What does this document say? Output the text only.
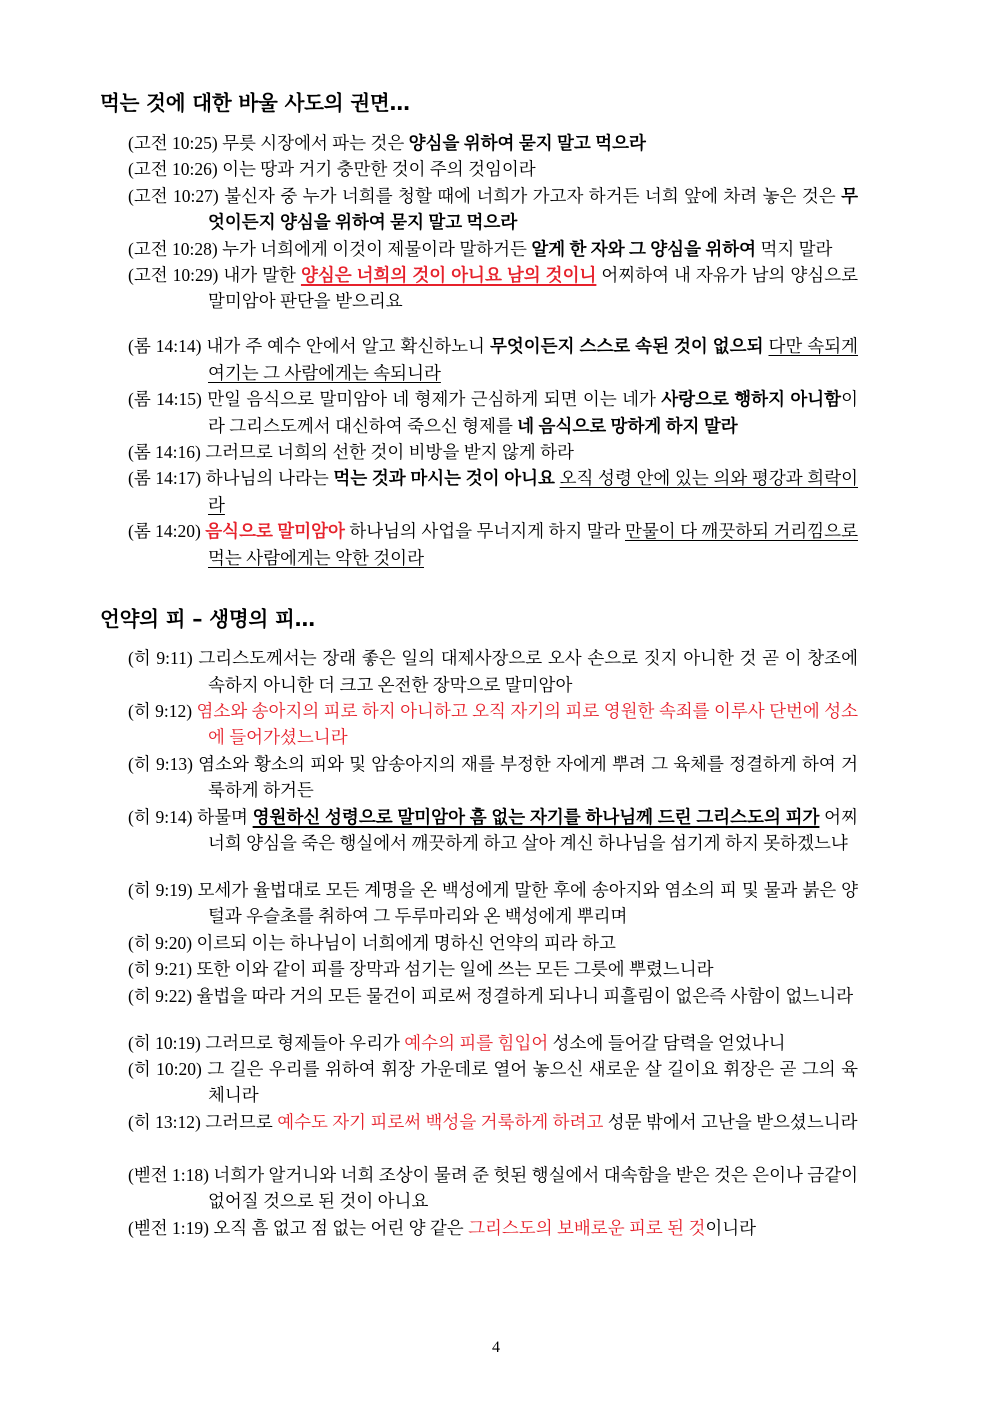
먹는 것에 대한 바울 사도의 권면…

(고전 10:25) 무릇 시장에서 파는 것은 양심을 위하여 묻지 말고 먹으라

(고전 10:26) 이는 땅과 거기 충만한 것이 주의 것임이라

(고전 10:27) 불신자 중 누가 너희를 청할 때에 너희가 가고자 하거든 너희 앞에 차려 놓은 것은 무엇이든지 양심을 위하여 묻지 말고 먹으라

(고전 10:28) 누가 너희에게 이것이 제물이라 말하거든 알게 한 자와 그 양심을 위하여 먹지 말라

(고전 10:29) 내가 말한 양심은 너희의 것이 아니요 남의 것이니 어찌하여 내 자유가 남의 양심으로 말미암아 판단을 받으리요

(롬 14:14) 내가 주 예수 안에서 알고 확신하노니 무엇이든지 스스로 속된 것이 없으되 다만 속되게 여기는 그 사람에게는 속되니라

(롬 14:15) 만일 음식으로 말미암아 네 형제가 근심하게 되면 이는 네가 사랑으로 행하지 아니함이라 그리스도께서 대신하여 죽으신 형제를 네 음식으로 망하게 하지 말라

(롬 14:16) 그러므로 너희의 선한 것이 비방을 받지 않게 하라

(롬 14:17) 하나님의 나라는 먹는 것과 마시는 것이 아니요 오직 성령 안에 있는 의와 평강과 희락이라

(롬 14:20) 음식으로 말미암아 하나님의 사업을 무너지게 하지 말라 만물이 다 깨끗하되 거리낌으로 먹는 사람에게는 악한 것이라

언약의 피 – 생명의 피…

(히 9:11) 그리스도께서는 장래 좋은 일의 대제사장으로 오사 손으로 짓지 아니한 것 곧 이 창조에 속하지 아니한 더 크고 온전한 장막으로 말미암아

(히 9:12) 염소와 송아지의 피로 하지 아니하고 오직 자기의 피로 영원한 속죄를 이루사 단번에 성소에 들어가셨느니라

(히 9:13) 염소와 황소의 피와 및 암송아지의 재를 부정한 자에게 뿌려 그 육체를 정결하게 하여 거룩하게 하거든

(히 9:14) 하물며 영원하신 성령으로 말미암아 흠 없는 자기를 하나님께 드린 그리스도의 피가 어찌 너희 양심을 죽은 행실에서 깨끗하게 하고 살아 계신 하나님을 섬기게 하지 못하겠느냐

(히 9:19) 모세가 율법대로 모든 계명을 온 백성에게 말한 후에 송아지와 염소의 피 및 물과 붉은 양털과 우슬초를 취하여 그 두루마리와 온 백성에게 뿌리며

(히 9:20) 이르되 이는 하나님이 너희에게 명하신 언약의 피라 하고

(히 9:21) 또한 이와 같이 피를 장막과 섬기는 일에 쓰는 모든 그릇에 뿌렸느니라

(히 9:22) 율법을 따라 거의 모든 물건이 피로써 정결하게 되나니 피흘림이 없은즉 사함이 없느니라

(히 10:19) 그러므로 형제들아 우리가 예수의 피를 힘입어 성소에 들어갈 담력을 얻었나니

(히 10:20) 그 길은 우리를 위하여 휘장 가운데로 열어 놓으신 새로운 살 길이요 휘장은 곧 그의 육체니라

(히 13:12) 그러므로 예수도 자기 피로써 백성을 거룩하게 하려고 성문 밖에서 고난을 받으셨느니라

(벧전 1:18) 너희가 알거니와 너희 조상이 물려 준 헛된 행실에서 대속함을 받은 것은 은이나 금같이 없어질 것으로 된 것이 아니요

(벧전 1:19) 오직 흠 없고 점 없는 어린 양 같은 그리스도의 보배로운 피로 된 것이니라

4
